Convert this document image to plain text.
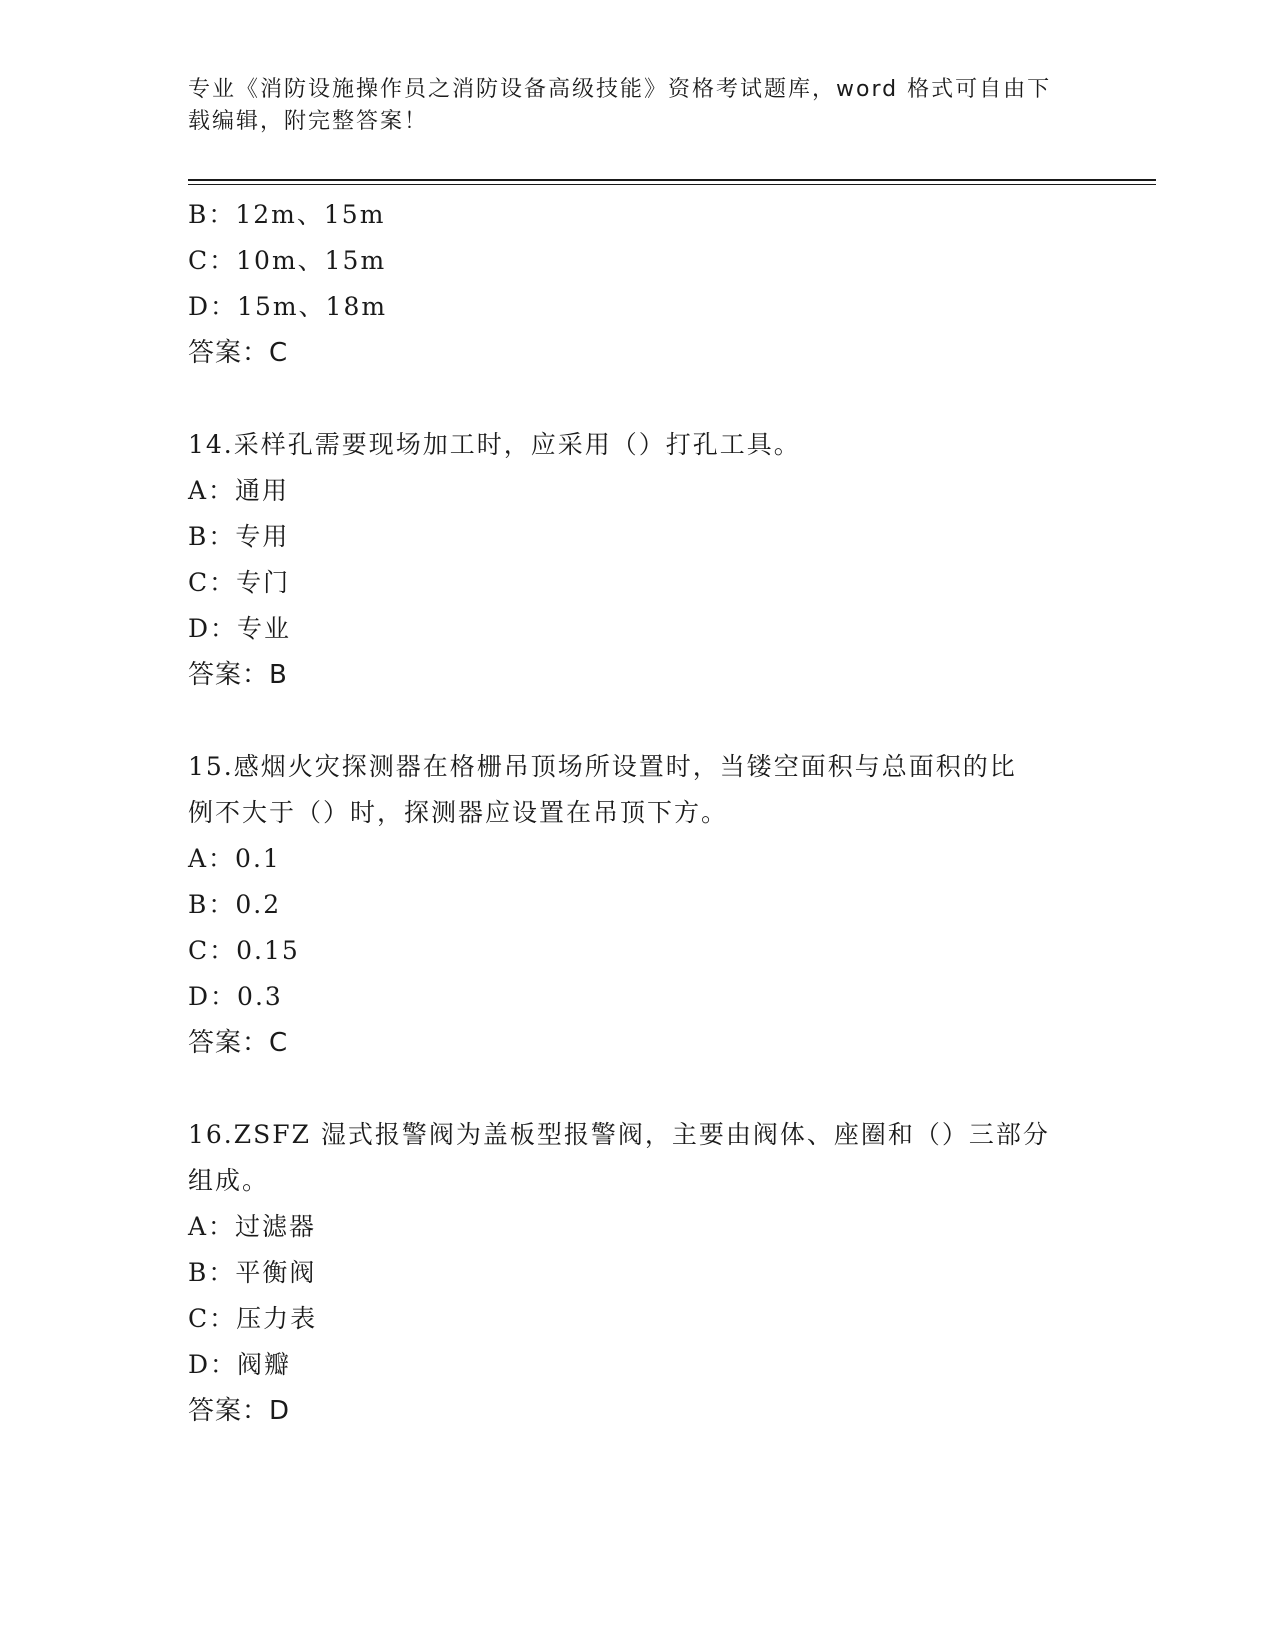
专业《消防设施操作员之消防设备高级技能》资格考试题库，word 格式可自由下
载编辑，附完整答案！
B：12m、15m
C：10m、15m
D：15m、18m
答案：C
14.采样孔需要现场加工时，应采用（）打孔工具。
A：通用
B：专用
C：专门
D：专业
答案：B
15.感烟火灾探测器在格栅吊顶场所设置时，当镂空面积与总面积的比
例不大于（）时，探测器应设置在吊顶下方。
A：0.1
B：0.2
C：0.15
D：0.3
答案：C
16.ZSFZ 湿式报警阀为盖板型报警阀，主要由阀体、座圈和（）三部分
组成。
A：过滤器
B：平衡阀
C：压力表
D：阀瓣
答案：D
